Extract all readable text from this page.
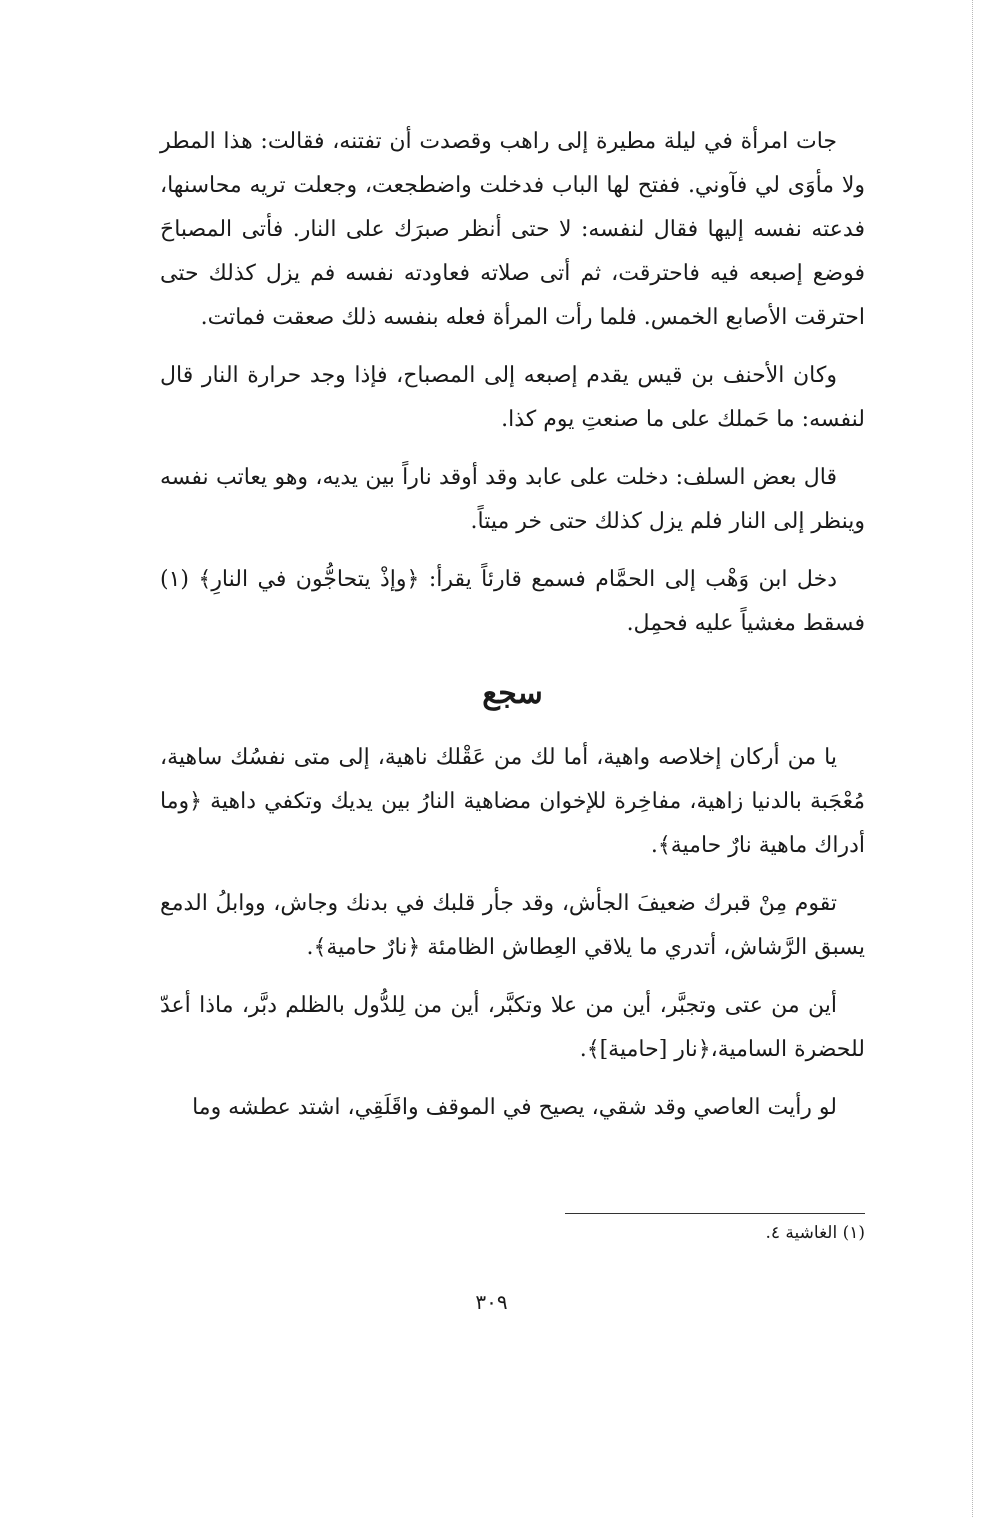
جات امرأة في ليلة مطيرة إلى راهب وقصدت أن تفتنه، فقالت: هذا المطر ولا مأوَى لي فآوني. ففتح لها الباب فدخلت واضطجعت، وجعلت تريه محاسنها، فدعته نفسه إليها فقال لنفسه: لا حتى أنظر صبرَك على النار. فأتى المصباحَ فوضع إصبعه فيه فاحترقت، ثم أتى صلاته فعاودته نفسه فم يزل كذلك حتى احترقت الأصابع الخمس. فلما رأت المرأة فعله بنفسه ذلك صعقت فماتت.

وكان الأحنف بن قيس يقدم إصبعه إلى المصباح، فإذا وجد حرارة النار قال لنفسه: ما حَملك على ما صنعتِ يوم كذا.

قال بعض السلف: دخلت على عابد وقد أوقد ناراً بين يديه، وهو يعاتب نفسه وينظر إلى النار فلم يزل كذلك حتى خر ميتاً.

دخل ابن وَهْب إلى الحمَّام فسمع قارئاً يقرأ: ﴿وإذْ يتحاجُّون في النارِ﴾ (١) فسقط مغشياً عليه فحمِل.

سجع

يا من أركان إخلاصه واهية، أما لك من عَقْلك ناهية، إلى متى نفسُك ساهية، مُعْجَبة بالدنيا زاهية، مفاخِرة للإخوان مضاهية النارُ بين يديك وتكفي داهية ﴿وما أدراك ماهية نارٌ حامية﴾.

تقوم مِنْ قبرك ضعيفَ الجأش، وقد جأر قلبك في بدنك وجاش، ووابلُ الدمع يسبق الرَّشاش، أتدري ما يلاقي العِطاش الظامئة ﴿نارٌ حامية﴾.

أين من عتى وتجبَّر، أين من علا وتكبَّر، أين من لِلدُّول بالظلم دبَّر، ماذا أعدّ للحضرة السامية،﴿نار [حامية]﴾.

لو رأيت العاصي وقد شقي، يصيح في الموقف واقَلَقِي، اشتد عطشه وما

(١) الغاشية ٤.
٣٠٩
